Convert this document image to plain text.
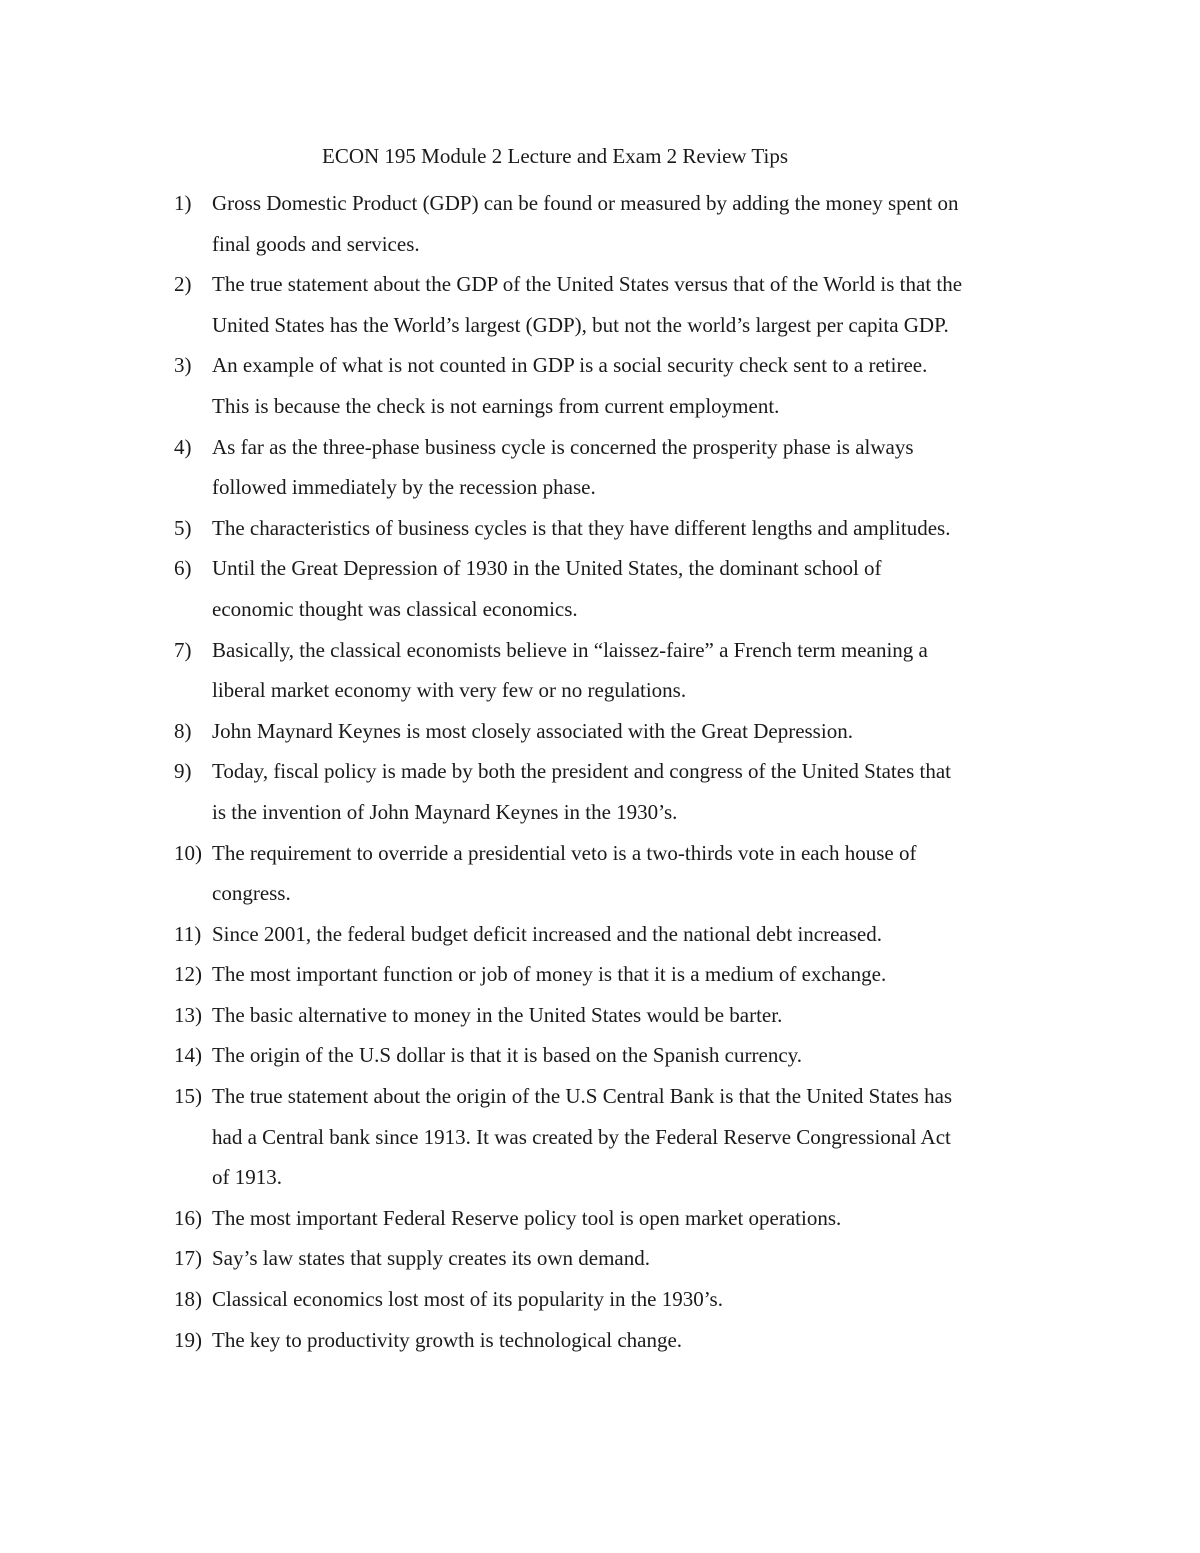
ECON 195 Module 2 Lecture and Exam 2 Review Tips
1) Gross Domestic Product (GDP) can be found or measured by adding the money spent on
final goods and services.
2) The true statement about the GDP of the United States versus that of the World is that the
United States has the World’s largest (GDP), but not the world’s largest per capita GDP.
3) An example of what is not counted in GDP is a social security check sent to a retiree.
This is because the check is not earnings from current employment.
4) As far as the three-phase business cycle is concerned the prosperity phase is always
followed immediately by the recession phase.
5) The characteristics of business cycles is that they have different lengths and amplitudes.
6) Until the Great Depression of 1930 in the United States, the dominant school of
economic thought was classical economics.
7) Basically, the classical economists believe in “laissez-faire” a French term meaning a
liberal market economy with very few or no regulations.
8) John Maynard Keynes is most closely associated with the Great Depression.
9) Today, fiscal policy is made by both the president and congress of the United States that
is the invention of John Maynard Keynes in the 1930’s.
10) The requirement to override a presidential veto is a two-thirds vote in each house of
congress.
11) Since 2001, the federal budget deficit increased and the national debt increased.
12) The most important function or job of money is that it is a medium of exchange.
13) The basic alternative to money in the United States would be barter.
14) The origin of the U.S dollar is that it is based on the Spanish currency.
15) The true statement about the origin of the U.S Central Bank is that the United States has
had a Central bank since 1913. It was created by the Federal Reserve Congressional Act
of 1913.
16) The most important Federal Reserve policy tool is open market operations.
17) Say’s law states that supply creates its own demand.
18) Classical economics lost most of its popularity in the 1930’s.
19) The key to productivity growth is technological change.
